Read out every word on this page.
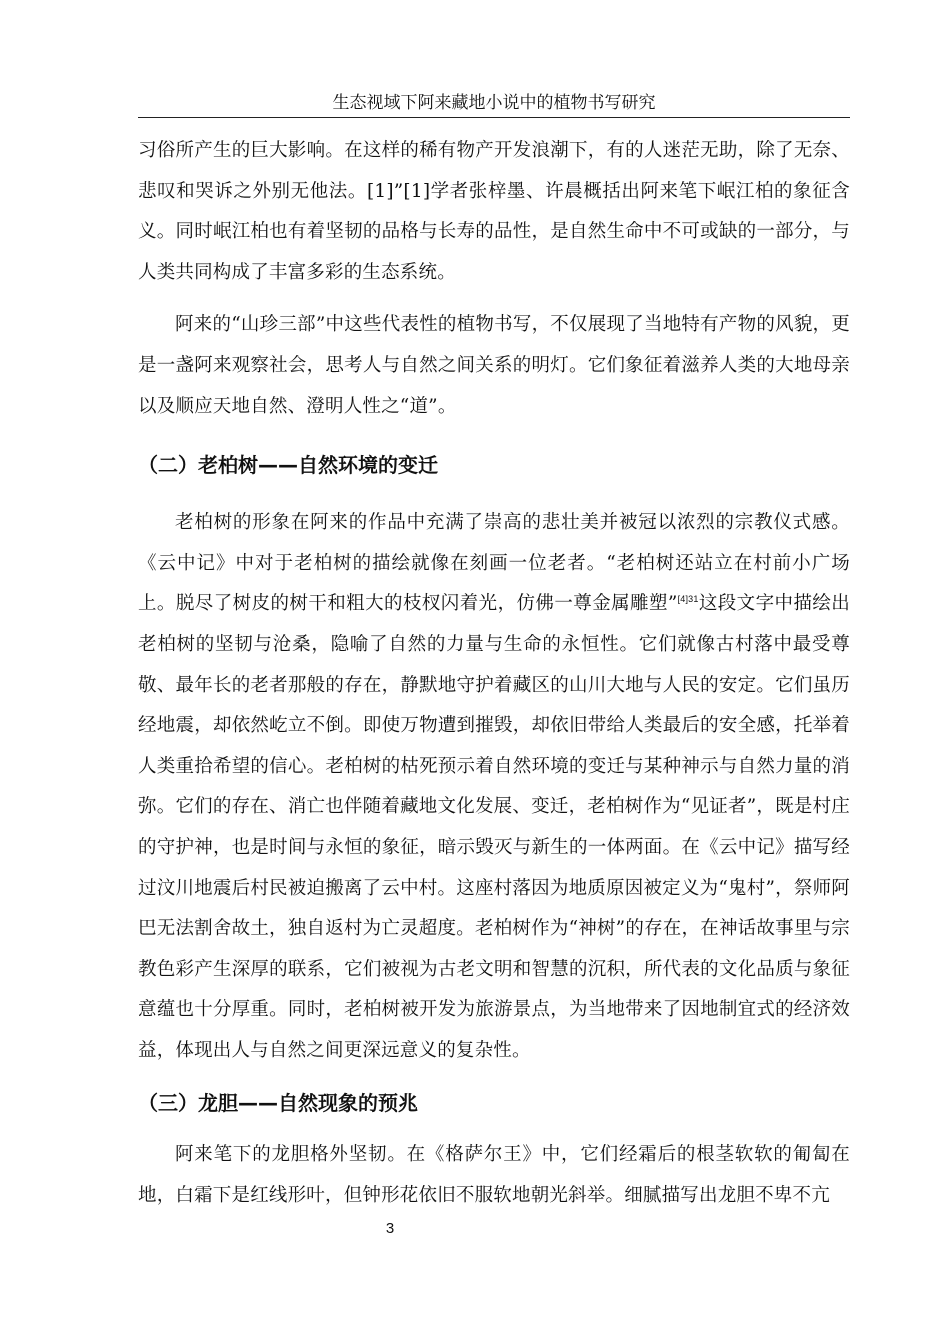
生态视域下阿来藏地小说中的植物书写研究

习俗所产生的巨大影响。在这样的稀有物产开发浪潮下，有的人迷茫无助，除了无奈、悲叹和哭诉之外别无他法。[1]”[1]学者张梓墨、许晨概括出阿来笔下岷江柏的象征含义。同时岷江柏也有着坚韧的品格与长寿的品性，是自然生命中不可或缺的一部分，与人类共同构成了丰富多彩的生态系统。

阿来的“山珍三部”中这些代表性的植物书写，不仅展现了当地特有产物的风貌，更是一盏阿来观察社会，思考人与自然之间关系的明灯。它们象征着滋养人类的大地母亲以及顺应天地自然、澄明人性之“道”。

（二）老柏树——自然环境的变迁

老柏树的形象在阿来的作品中充满了崇高的悲壮美并被冠以浓烈的宗教仪式感。《云中记》中对于老柏树的描绘就像在刻画一位老者。“老柏树还站立在村前小广场上。脱尽了树皮的树干和粗大的枝杈闪着光，仿佛一尊金属雕塑”$^{[4]31}$这段文字中描绘出老柏树的坚韧与沧桑，隐喻了自然的力量与生命的永恒性。它们就像古村落中最受尊敬、最年长的老者那般的存在，静默地守护着藏区的山川大地与人民的安定。它们虽历经地震，却依然屹立不倒。即使万物遭到摧毁，却依旧带给人类最后的安全感，托举着人类重拾希望的信心。老柏树的枯死预示着自然环境的变迁与某种神示与自然力量的消弥。它们的存在、消亡也伴随着藏地文化发展、变迁，老柏树作为“见证者”，既是村庄的守护神，也是时间与永恒的象征，暗示毁灭与新生的一体两面。在《云中记》描写经过汶川地震后村民被迫搬离了云中村。这座村落因为地质原因被定义为“鬼村”，祭师阿巴无法割舍故土，独自返村为亡灵超度。老柏树作为“神树”的存在，在神话故事里与宗教色彩产生深厚的联系，它们被视为古老文明和智慧的沉积，所代表的文化品质与象征意蕴也十分厚重。同时，老柏树被开发为旅游景点，为当地带来了因地制宜式的经济效益，体现出人与自然之间更深远意义的复杂性。

（三）龙胆——自然现象的预兆

阿来笔下的龙胆格外坚韧。在《格萨尔王》中，它们经霜后的根茎软软的匍匐在地，白霜下是红线形叶，但钟形花依旧不服软地朝光斜举。细腻描写出龙胆不卑不亢

3
